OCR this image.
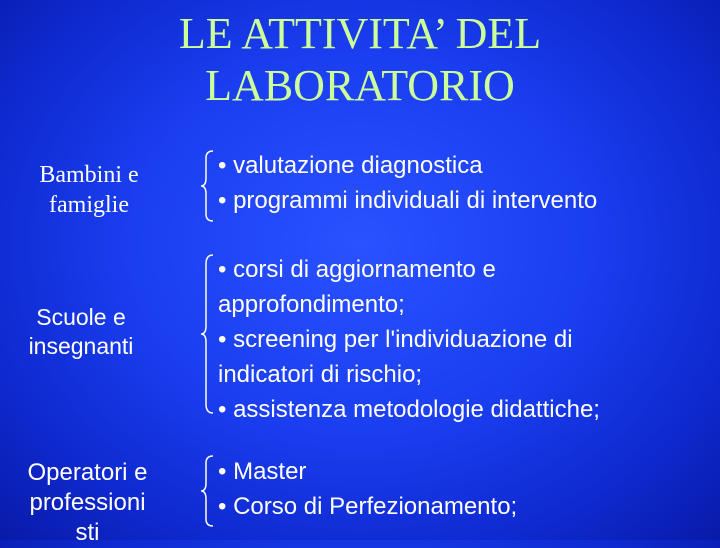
LE ATTIVITA’ DEL
LABORATORIO
Bambini e
famiglie
• valutazione diagnostica
• programmi individuali di intervento
Scuole e
insegnanti
• corsi di aggiornamento e
approfondimento;
• screening per l'individuazione di
indicatori di rischio;
• assistenza metodologie didattiche;
Operatori e
professioni
sti
• Master
• Corso di Perfezionamento;
